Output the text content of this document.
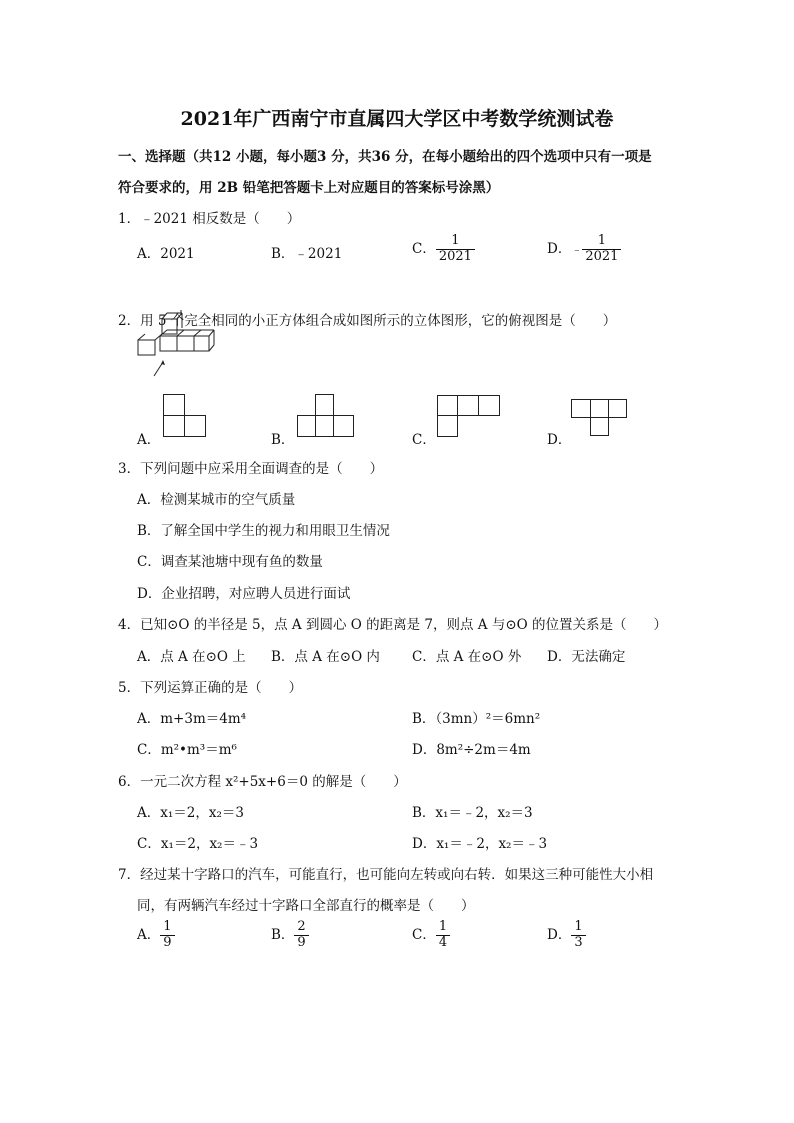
2021年广西南宁市直属四大学区中考数学统测试卷
一、选择题（共12 小题，每小题3 分，共36 分，在每小题给出的四个选项中只有一项是
符合要求的，用 2B 铅笔把答题卡上对应题目的答案标号涂黑）
1．﹣2021 相反数是（　　）
A．2021	B．﹣2021	C． $\frac{1}{2021}$	D．﹣ $\frac{1}{2021}$
2．用 5 个完全相同的小正方体组合成如图所示的立体图形，它的俯视图是（　　）
A．	B．	C．	D．
3．下列问题中应采用全面调查的是（　　）
A．检测某城市的空气质量
B．了解全国中学生的视力和用眼卫生情况
C．调查某池塘中现有鱼的数量
D．企业招聘，对应聘人员进行面试
4．已知⊙O 的半径是 5，点 A 到圆心 O 的距离是 7，则点 A 与⊙O 的位置关系是（　　）
A．点 A 在⊙O 上 B．点 A 在⊙O 内 C．点 A 在⊙O 外 D．无法确定
5．下列运算正确的是（　　）
A．m+3m＝4m⁴	B．（3mn）²＝6mn²
C．m²•m³＝m⁶	D．8m²÷2m＝4m
6．一元二次方程 x²+5x+6＝0 的解是（　　）
A．x₁＝2，x₂＝3	B．x₁＝﹣2，x₂＝3
C．x₁＝2，x₂＝﹣3	D．x₁＝﹣2，x₂＝﹣3
7．经过某十字路口的汽车，可能直行，也可能向左转或向右转．如果这三种可能性大小相
同，有两辆汽车经过十字路口全部直行的概率是（　　）
A． $\frac{1}{9}$	B． $\frac{2}{9}$	C． $\frac{1}{4}$	D． $\frac{1}{3}$
